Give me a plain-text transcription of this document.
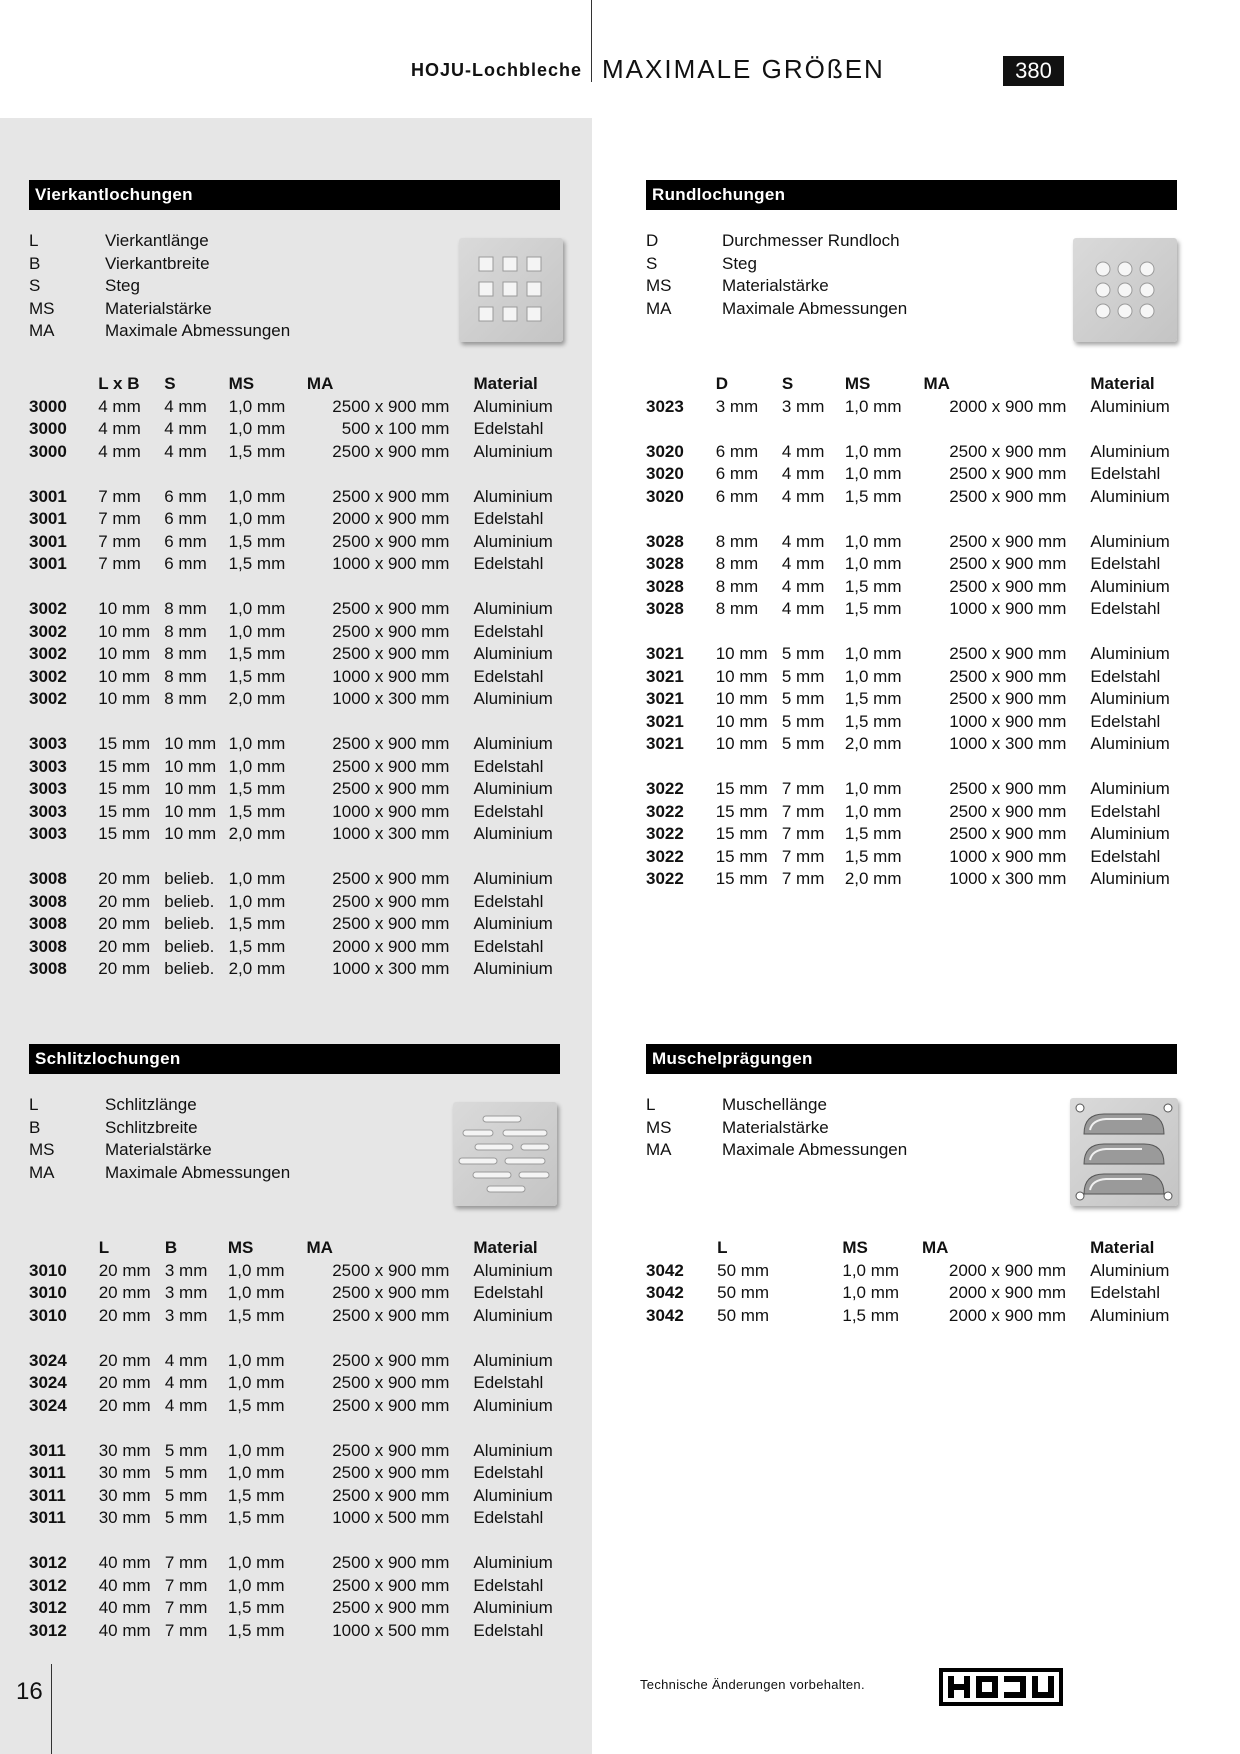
HOJU-Lochbleche MAXIMALE GRÖßEN	380
Vierkantlochungen
L	Vierkantlänge
B	Vierkantbreite
S	Steg
MS	Materialstärke
MA	Maximale Abmessungen
	L x B	S	MS	MA	Material
3000	4 mm	4 mm	1,0 mm	2500 x 900 mm	Aluminium
3000	4 mm	4 mm	1,0 mm	500 x 100 mm	Edelstahl
3000	4 mm	4 mm	1,5 mm	2500 x 900 mm	Aluminium

3001	7 mm	6 mm	1,0 mm	2500 x 900 mm	Aluminium
3001	7 mm	6 mm	1,0 mm	2000 x 900 mm	Edelstahl
3001	7 mm	6 mm	1,5 mm	2500 x 900 mm	Aluminium
3001	7 mm	6 mm	1,5 mm	1000 x 900 mm	Edelstahl

3002	10 mm	8 mm	1,0 mm	2500 x 900 mm	Aluminium
3002	10 mm	8 mm	1,0 mm	2500 x 900 mm	Edelstahl
3002	10 mm	8 mm	1,5 mm	2500 x 900 mm	Aluminium
3002	10 mm	8 mm	1,5 mm	1000 x 900 mm	Edelstahl
3002	10 mm	8 mm	2,0 mm	1000 x 300 mm	Aluminium

3003	15 mm	10 mm	1,0 mm	2500 x 900 mm	Aluminium
3003	15 mm	10 mm	1,0 mm	2500 x 900 mm	Edelstahl
3003	15 mm	10 mm	1,5 mm	2500 x 900 mm	Aluminium
3003	15 mm	10 mm	1,5 mm	1000 x 900 mm	Edelstahl
3003	15 mm	10 mm	2,0 mm	1000 x 300 mm	Aluminium

3008	20 mm	belieb.	1,0 mm	2500 x 900 mm	Aluminium
3008	20 mm	belieb.	1,0 mm	2500 x 900 mm	Edelstahl
3008	20 mm	belieb.	1,5 mm	2500 x 900 mm	Aluminium
3008	20 mm	belieb.	1,5 mm	2000 x 900 mm	Edelstahl
3008	20 mm	belieb.	2,0 mm	1000 x 300 mm	Aluminium
Rundlochungen
D	Durchmesser Rundloch
S	Steg
MS	Materialstärke
MA	Maximale Abmessungen
	D	S	MS	MA	Material
3023	3 mm	3 mm	1,0 mm	2000 x 900 mm	Aluminium

3020	6 mm	4 mm	1,0 mm	2500 x 900 mm	Aluminium
3020	6 mm	4 mm	1,0 mm	2500 x 900 mm	Edelstahl
3020	6 mm	4 mm	1,5 mm	2500 x 900 mm	Aluminium

3028	8 mm	4 mm	1,0 mm	2500 x 900 mm	Aluminium
3028	8 mm	4 mm	1,0 mm	2500 x 900 mm	Edelstahl
3028	8 mm	4 mm	1,5 mm	2500 x 900 mm	Aluminium
3028	8 mm	4 mm	1,5 mm	1000 x 900 mm	Edelstahl

3021	10 mm	5 mm	1,0 mm	2500 x 900 mm	Aluminium
3021	10 mm	5 mm	1,0 mm	2500 x 900 mm	Edelstahl
3021	10 mm	5 mm	1,5 mm	2500 x 900 mm	Aluminium
3021	10 mm	5 mm	1,5 mm	1000 x 900 mm	Edelstahl
3021	10 mm	5 mm	2,0 mm	1000 x 300 mm	Aluminium

3022	15 mm	7 mm	1,0 mm	2500 x 900 mm	Aluminium
3022	15 mm	7 mm	1,0 mm	2500 x 900 mm	Edelstahl
3022	15 mm	7 mm	1,5 mm	2500 x 900 mm	Aluminium
3022	15 mm	7 mm	1,5 mm	1000 x 900 mm	Edelstahl
3022	15 mm	7 mm	2,0 mm	1000 x 300 mm	Aluminium
Schlitzlochungen
L	Schlitzlänge
B	Schlitzbreite
MS	Materialstärke
MA	Maximale Abmessungen
	L	B	MS	MA	Material
3010	20 mm	3 mm	1,0 mm	2500 x 900 mm	Aluminium
3010	20 mm	3 mm	1,0 mm	2500 x 900 mm	Edelstahl
3010	20 mm	3 mm	1,5 mm	2500 x 900 mm	Aluminium

3024	20 mm	4 mm	1,0 mm	2500 x 900 mm	Aluminium
3024	20 mm	4 mm	1,0 mm	2500 x 900 mm	Edelstahl
3024	20 mm	4 mm	1,5 mm	2500 x 900 mm	Aluminium

3011	30 mm	5 mm	1,0 mm	2500 x 900 mm	Aluminium
3011	30 mm	5 mm	1,0 mm	2500 x 900 mm	Edelstahl
3011	30 mm	5 mm	1,5 mm	2500 x 900 mm	Aluminium
3011	30 mm	5 mm	1,5 mm	1000 x 500 mm	Edelstahl

3012	40 mm	7 mm	1,0 mm	2500 x 900 mm	Aluminium
3012	40 mm	7 mm	1,0 mm	2500 x 900 mm	Edelstahl
3012	40 mm	7 mm	1,5 mm	2500 x 900 mm	Aluminium
3012	40 mm	7 mm	1,5 mm	1000 x 500 mm	Edelstahl
Muschelprägungen
L	Muschellänge
MS	Materialstärke
MA	Maximale Abmessungen
	L		MS	MA	Material
3042	50 mm		1,0 mm	2000 x 900 mm	Aluminium
3042	50 mm		1,0 mm	2000 x 900 mm	Edelstahl
3042	50 mm		1,5 mm	2000 x 900 mm	Aluminium
16	Technische Änderungen vorbehalten.
